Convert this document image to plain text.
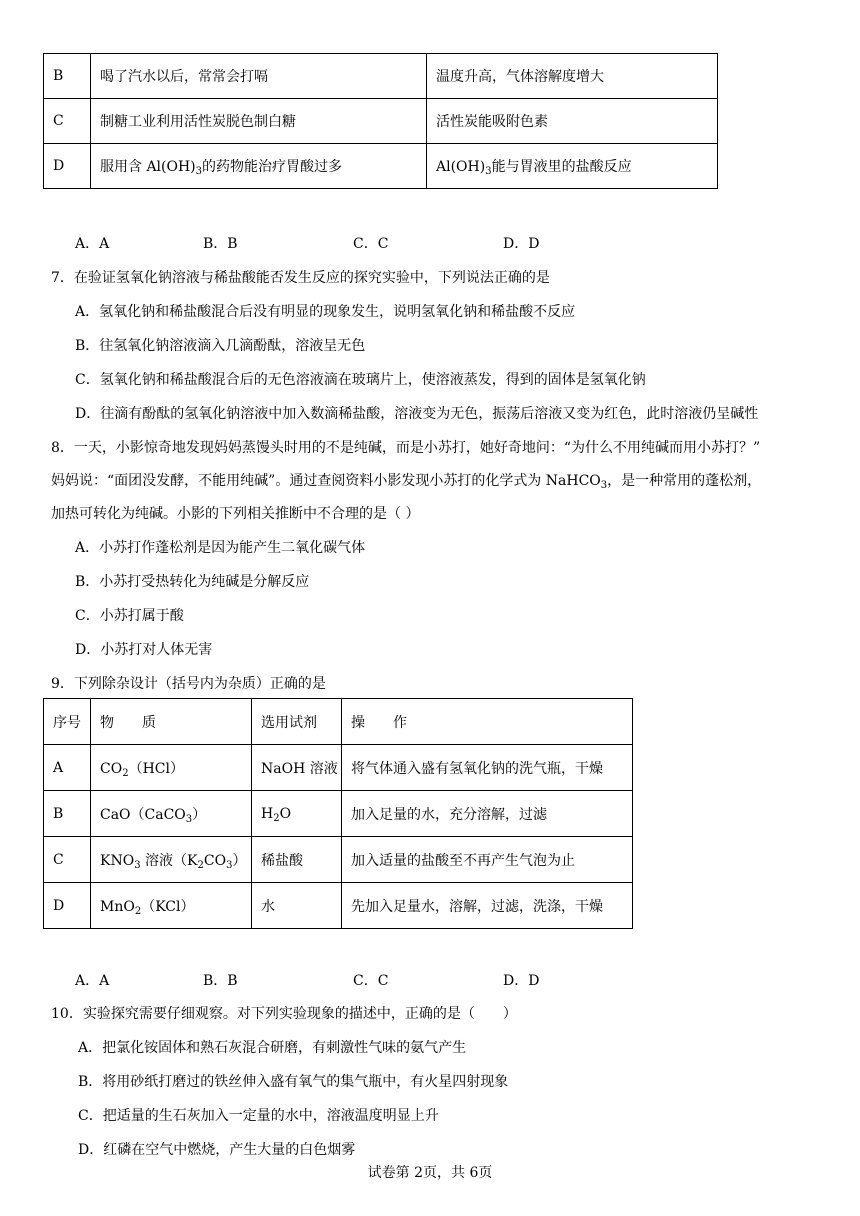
B	喝了汽水以后，常常会打嗝	温度升高，气体溶解度增大
C	制糖工业利用活性炭脱色制白糖	活性炭能吸附色素
D	服用含 $Al(OH)_3$的药物能治疗胃酸过多	$Al(OH)_3$能与胃液里的盐酸反应
A．A	B．B	C．C	D．D
7．在验证氢氧化钠溶液与稀盐酸能否发生反应的探究实验中，下列说法正确的是
A．氢氧化钠和稀盐酸混合后没有明显的现象发生，说明氢氧化钠和稀盐酸不反应
B．往氢氧化钠溶液滴入几滴酚酞，溶液呈无色
C．氢氧化钠和稀盐酸混合后的无色溶液滴在玻璃片上，使溶液蒸发，得到的固体是氢氧化钠
D．往滴有酚酞的氢氧化钠溶液中加入数滴稀盐酸，溶液变为无色，振荡后溶液又变为红色，此时溶液仍呈碱性
8．一天，小影惊奇地发现妈妈蒸馒头时用的不是纯碱，而是小苏打，她好奇地问：“为什么不用纯碱而用小苏打？”
妈妈说：“面团没发酵，不能用纯碱”。通过查阅资料小影发现小苏打的化学式为 NaHCO$_3$，是一种常用的蓬松剂，
加热可转化为纯碱。小影的下列相关推断中不合理的是（ ）
A．小苏打作蓬松剂是因为能产生二氧化碳气体
B．小苏打受热转化为纯碱是分解反应
C．小苏打属于酸
D．小苏打对人体无害
9．下列除杂设计（括号内为杂质）正确的是
序号	物　　质	选用试剂	操　　作
A	$CO_2(HCl)$	NaOH 溶液	将气体通入盛有氢氧化钠的洗气瓶，干燥
B	CaO（CaCO$_3$）	$H_2O$	加入足量的水，充分溶解，过滤
C	$KNO_3$ 溶液$(K_2CO_3)$	稀盐酸	加入适量的盐酸至不再产生气泡为止
D	MnO$_2$（KCl）	水	先加入足量水，溶解，过滤，洗涤，干燥
A．A	B．B	C．C	D．D
10．实验探究需要仔细观察。对下列实验现象的描述中，正确的是（　　）
A．把氯化铵固体和熟石灰混合研磨，有刺激性气味的氨气产生
B．将用砂纸打磨过的铁丝伸入盛有氧气的集气瓶中，有火星四射现象
C．把适量的生石灰加入一定量的水中，溶液温度明显上升
D．红磷在空气中燃烧，产生大量的白色烟雾
试卷第 2页，共 6页
